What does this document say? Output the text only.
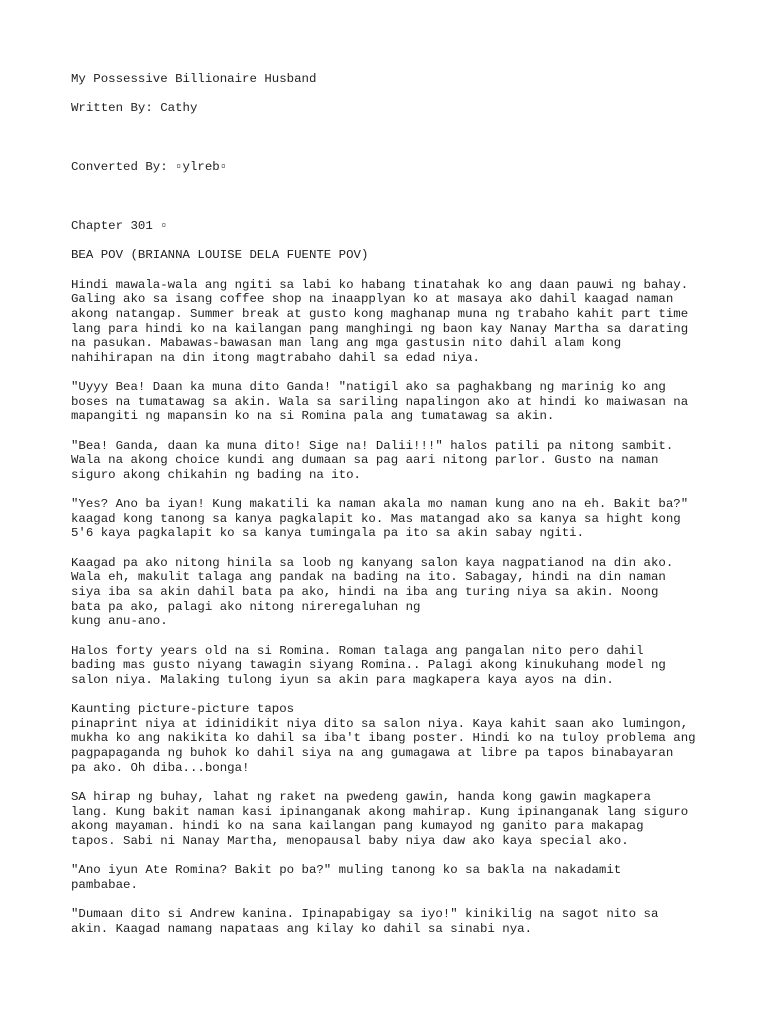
My Possessive Billionaire Husband
Written By: Cathy
Converted By: ▫ylreb▫
Chapter 301 ▫
BEA POV (BRIANNA LOUISE DELA FUENTE POV)

Hindi mawala-wala ang ngiti sa labi ko habang tinatahak ko ang daan pauwi ng bahay.
Galing ako sa isang coffee shop na inaapplyan ko at masaya ako dahil kaagad naman
akong natangap. Summer break at gusto kong maghanap muna ng trabaho kahit part time
lang para hindi ko na kailangan pang manghingi ng baon kay Nanay Martha sa darating
na pasukan. Mabawas-bawasan man lang ang mga gastusin nito dahil alam kong
nahihirapan na din itong magtrabaho dahil sa edad niya.

"Uyyy Bea! Daan ka muna dito Ganda! "natigil ako sa paghakbang ng marinig ko ang
boses na tumatawag sa akin. Wala sa sariling napalingon ako at hindi ko maiwasan na
mapangiti ng mapansin ko na si Romina pala ang tumatawag sa akin.

"Bea! Ganda, daan ka muna dito! Sige na! Dalii!!!" halos patili pa nitong sambit.
Wala na akong choice kundi ang dumaan sa pag aari nitong parlor. Gusto na naman
siguro akong chikahin ng bading na ito.

"Yes? Ano ba iyan! Kung makatili ka naman akala mo naman kung ano na eh. Bakit ba?"
kaagad kong tanong sa kanya pagkalapit ko. Mas matangad ako sa kanya sa hight kong
5'6 kaya pagkalapit ko sa kanya tumingala pa ito sa akin sabay ngiti.

Kaagad pa ako nitong hinila sa loob ng kanyang salon kaya nagpatianod na din ako.
Wala eh, makulit talaga ang pandak na bading na ito. Sabagay, hindi na din naman
siya iba sa akin dahil bata pa ako, hindi na iba ang turing niya sa akin. Noong
bata pa ako, palagi ako nitong nireregaluhan ng
kung anu-ano.

Halos forty years old na si Romina. Roman talaga ang pangalan nito pero dahil
bading mas gusto niyang tawagin siyang Romina.. Palagi akong kinukuhang model ng
salon niya. Malaking tulong iyun sa akin para magkapera kaya ayos na din.

Kaunting picture-picture tapos
pinaprint niya at idinidikit niya dito sa salon niya. Kaya kahit saan ako lumingon,
mukha ko ang nakikita ko dahil sa iba't ibang poster. Hindi ko na tuloy problema ang
pagpapaganda ng buhok ko dahil siya na ang gumagawa at libre pa tapos binabayaran
pa ako. Oh diba...bonga!

SA hirap ng buhay, lahat ng raket na pwedeng gawin, handa kong gawin magkapera
lang. Kung bakit naman kasi ipinanganak akong mahirap. Kung ipinanganak lang siguro
akong mayaman. hindi ko na sana kailangan pang kumayod ng ganito para makapag
tapos. Sabi ni Nanay Martha, menopausal baby niya daw ako kaya special ako.

"Ano iyun Ate Romina? Bakit po ba?" muling tanong ko sa bakla na nakadamit
pambabae.

"Dumaan dito si Andrew kanina. Ipinapabigay sa iyo!" kinikilig na sagot nito sa
akin. Kaagad namang napataas ang kilay ko dahil sa sinabi nya.
